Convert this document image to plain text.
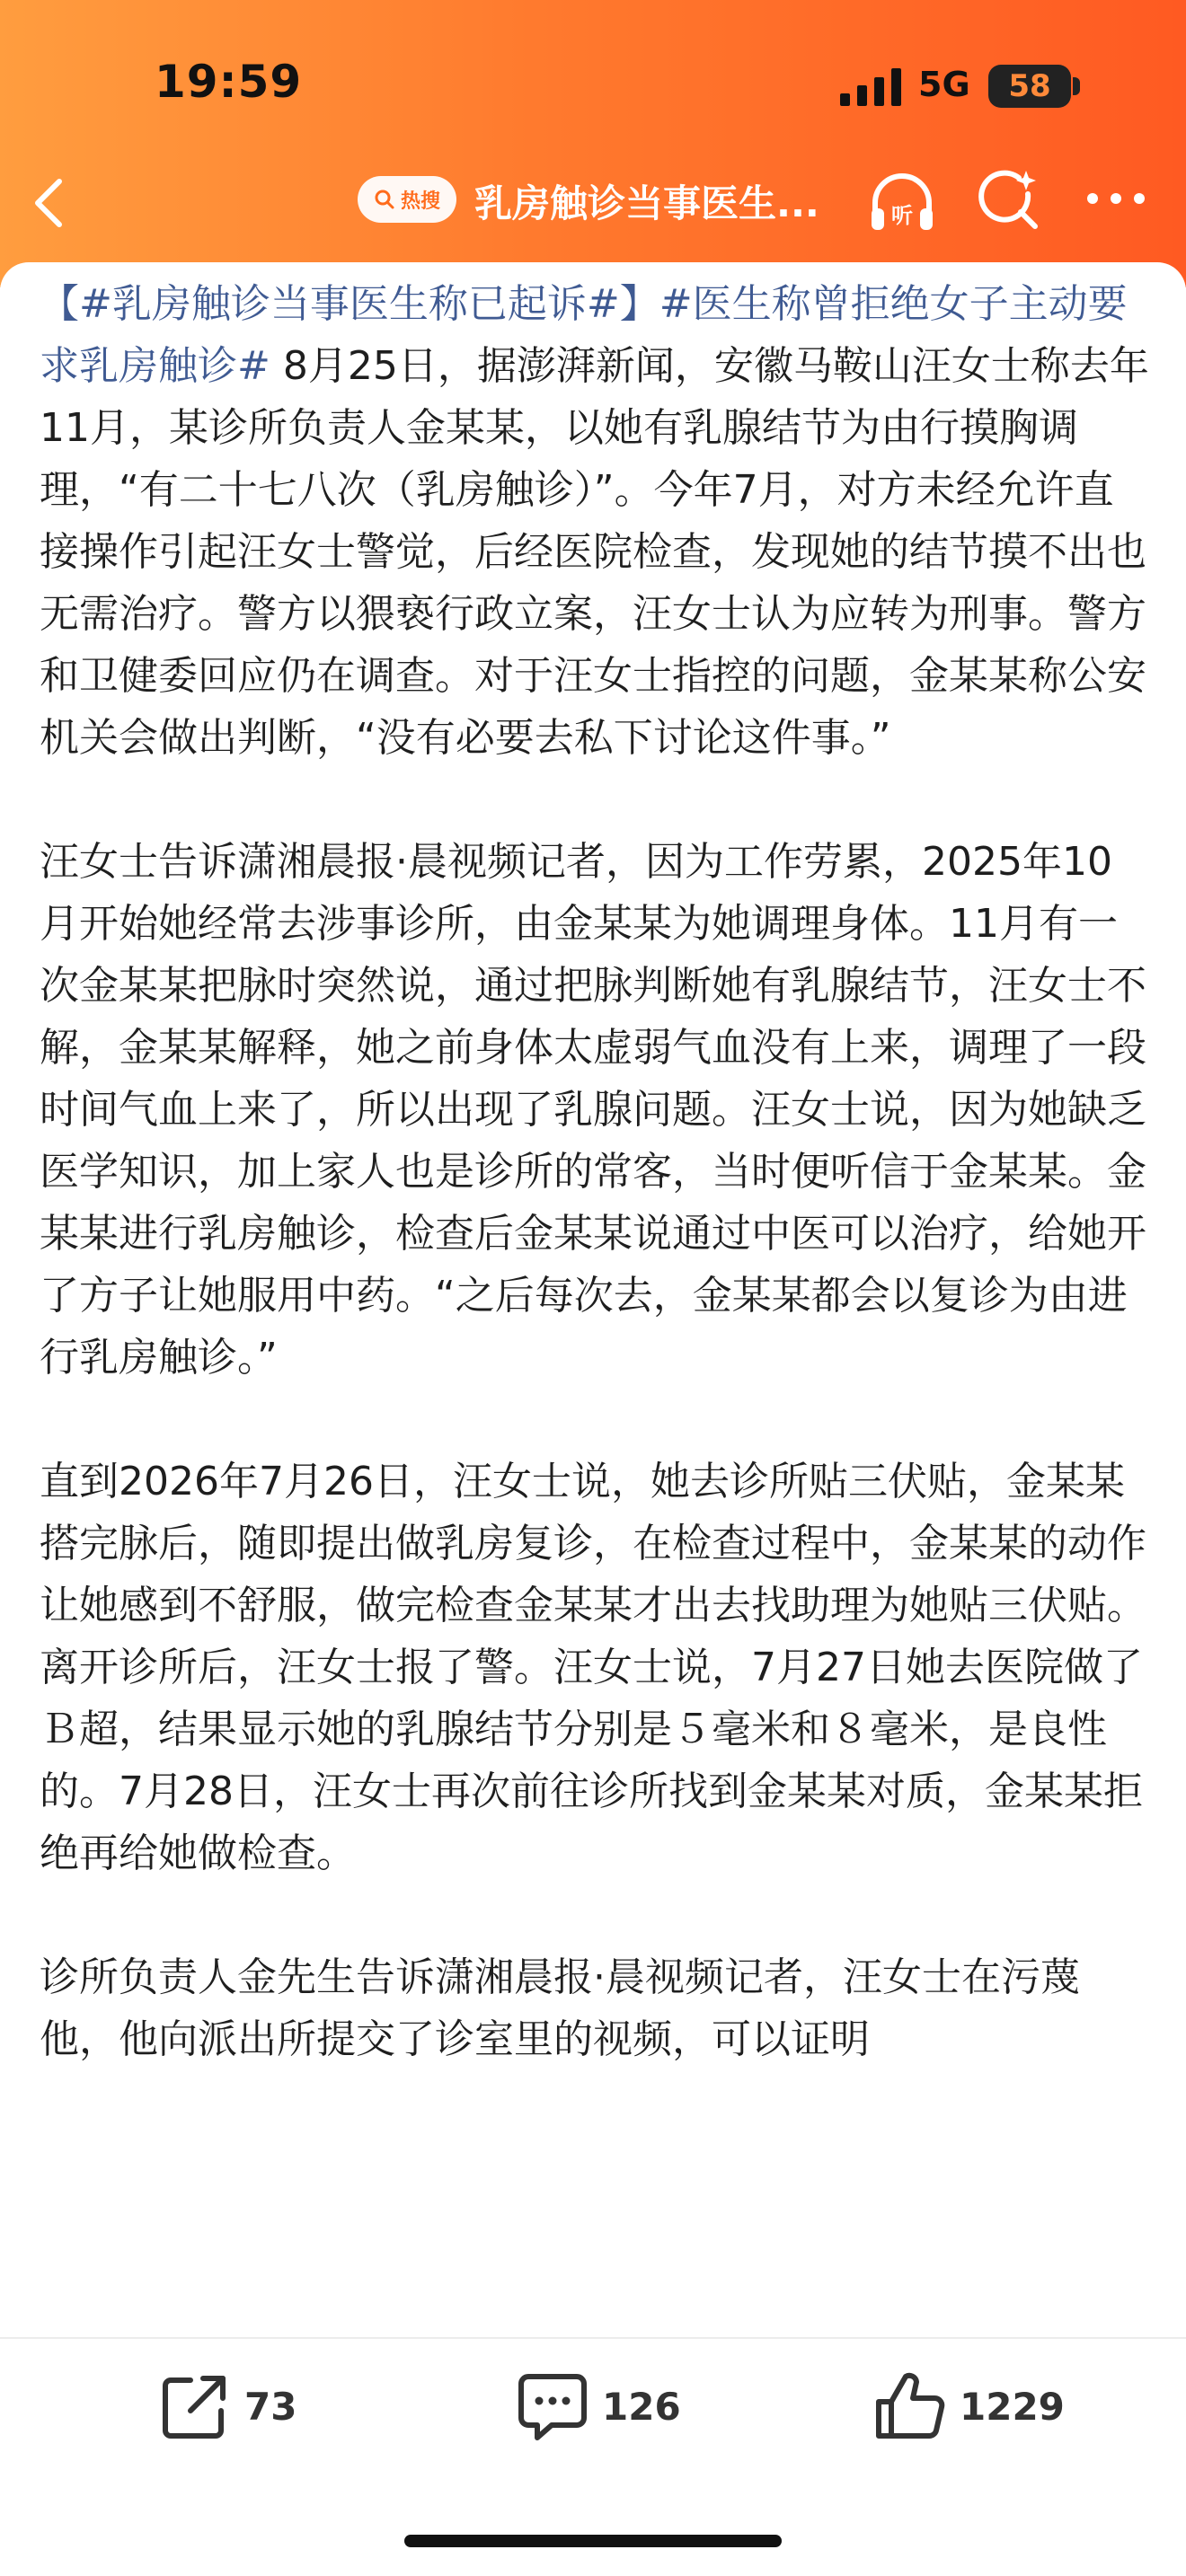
19:59	5G	58
热搜 乳房触诊当事医生...	听

【#乳房触诊当事医生称已起诉#】#医生称曾拒绝女子主动要求乳房触诊# 8月25日，据澎湃新闻，安徽马鞍山汪女士称去年11月，某诊所负责人金某某，以她有乳腺结节为由行摸胸调理，“有二十七八次（乳房触诊）”。今年7月，对方未经允许直接操作引起汪女士警觉，后经医院检查，发现她的结节摸不出也无需治疗。警方以猥亵行政立案，汪女士认为应转为刑事。警方和卫健委回应仍在调查。对于汪女士指控的问题，金某某称公安机关会做出判断，“没有必要去私下讨论这件事。”

汪女士告诉潇湘晨报·晨视频记者，因为工作劳累，2025年10月开始她经常去涉事诊所，由金某某为她调理身体。11月有一次金某某把脉时突然说，通过把脉判断她有乳腺结节，汪女士不解，金某某解释，她之前身体太虚弱气血没有上来，调理了一段时间气血上来了，所以出现了乳腺问题。汪女士说，因为她缺乏医学知识，加上家人也是诊所的常客，当时便听信于金某某。金某某进行乳房触诊，检查后金某某说通过中医可以治疗，给她开了方子让她服用中药。“之后每次去，金某某都会以复诊为由进行乳房触诊。”

直到2026年7月26日，汪女士说，她去诊所贴三伏贴，金某某搭完脉后，随即提出做乳房复诊，在检查过程中，金某某的动作让她感到不舒服，做完检查金某某才出去找助理为她贴三伏贴。离开诊所后，汪女士报了警。汪女士说，7月27日她去医院做了Ｂ超，结果显示她的乳腺结节分别是５毫米和８毫米，是良性的。7月28日，汪女士再次前往诊所找到金某某对质，金某某拒绝再给她做检查。

诊所负责人金先生告诉潇湘晨报·晨视频记者，汪女士在污蔑他，他向派出所提交了诊室里的视频，可以证明

73	126	1229
